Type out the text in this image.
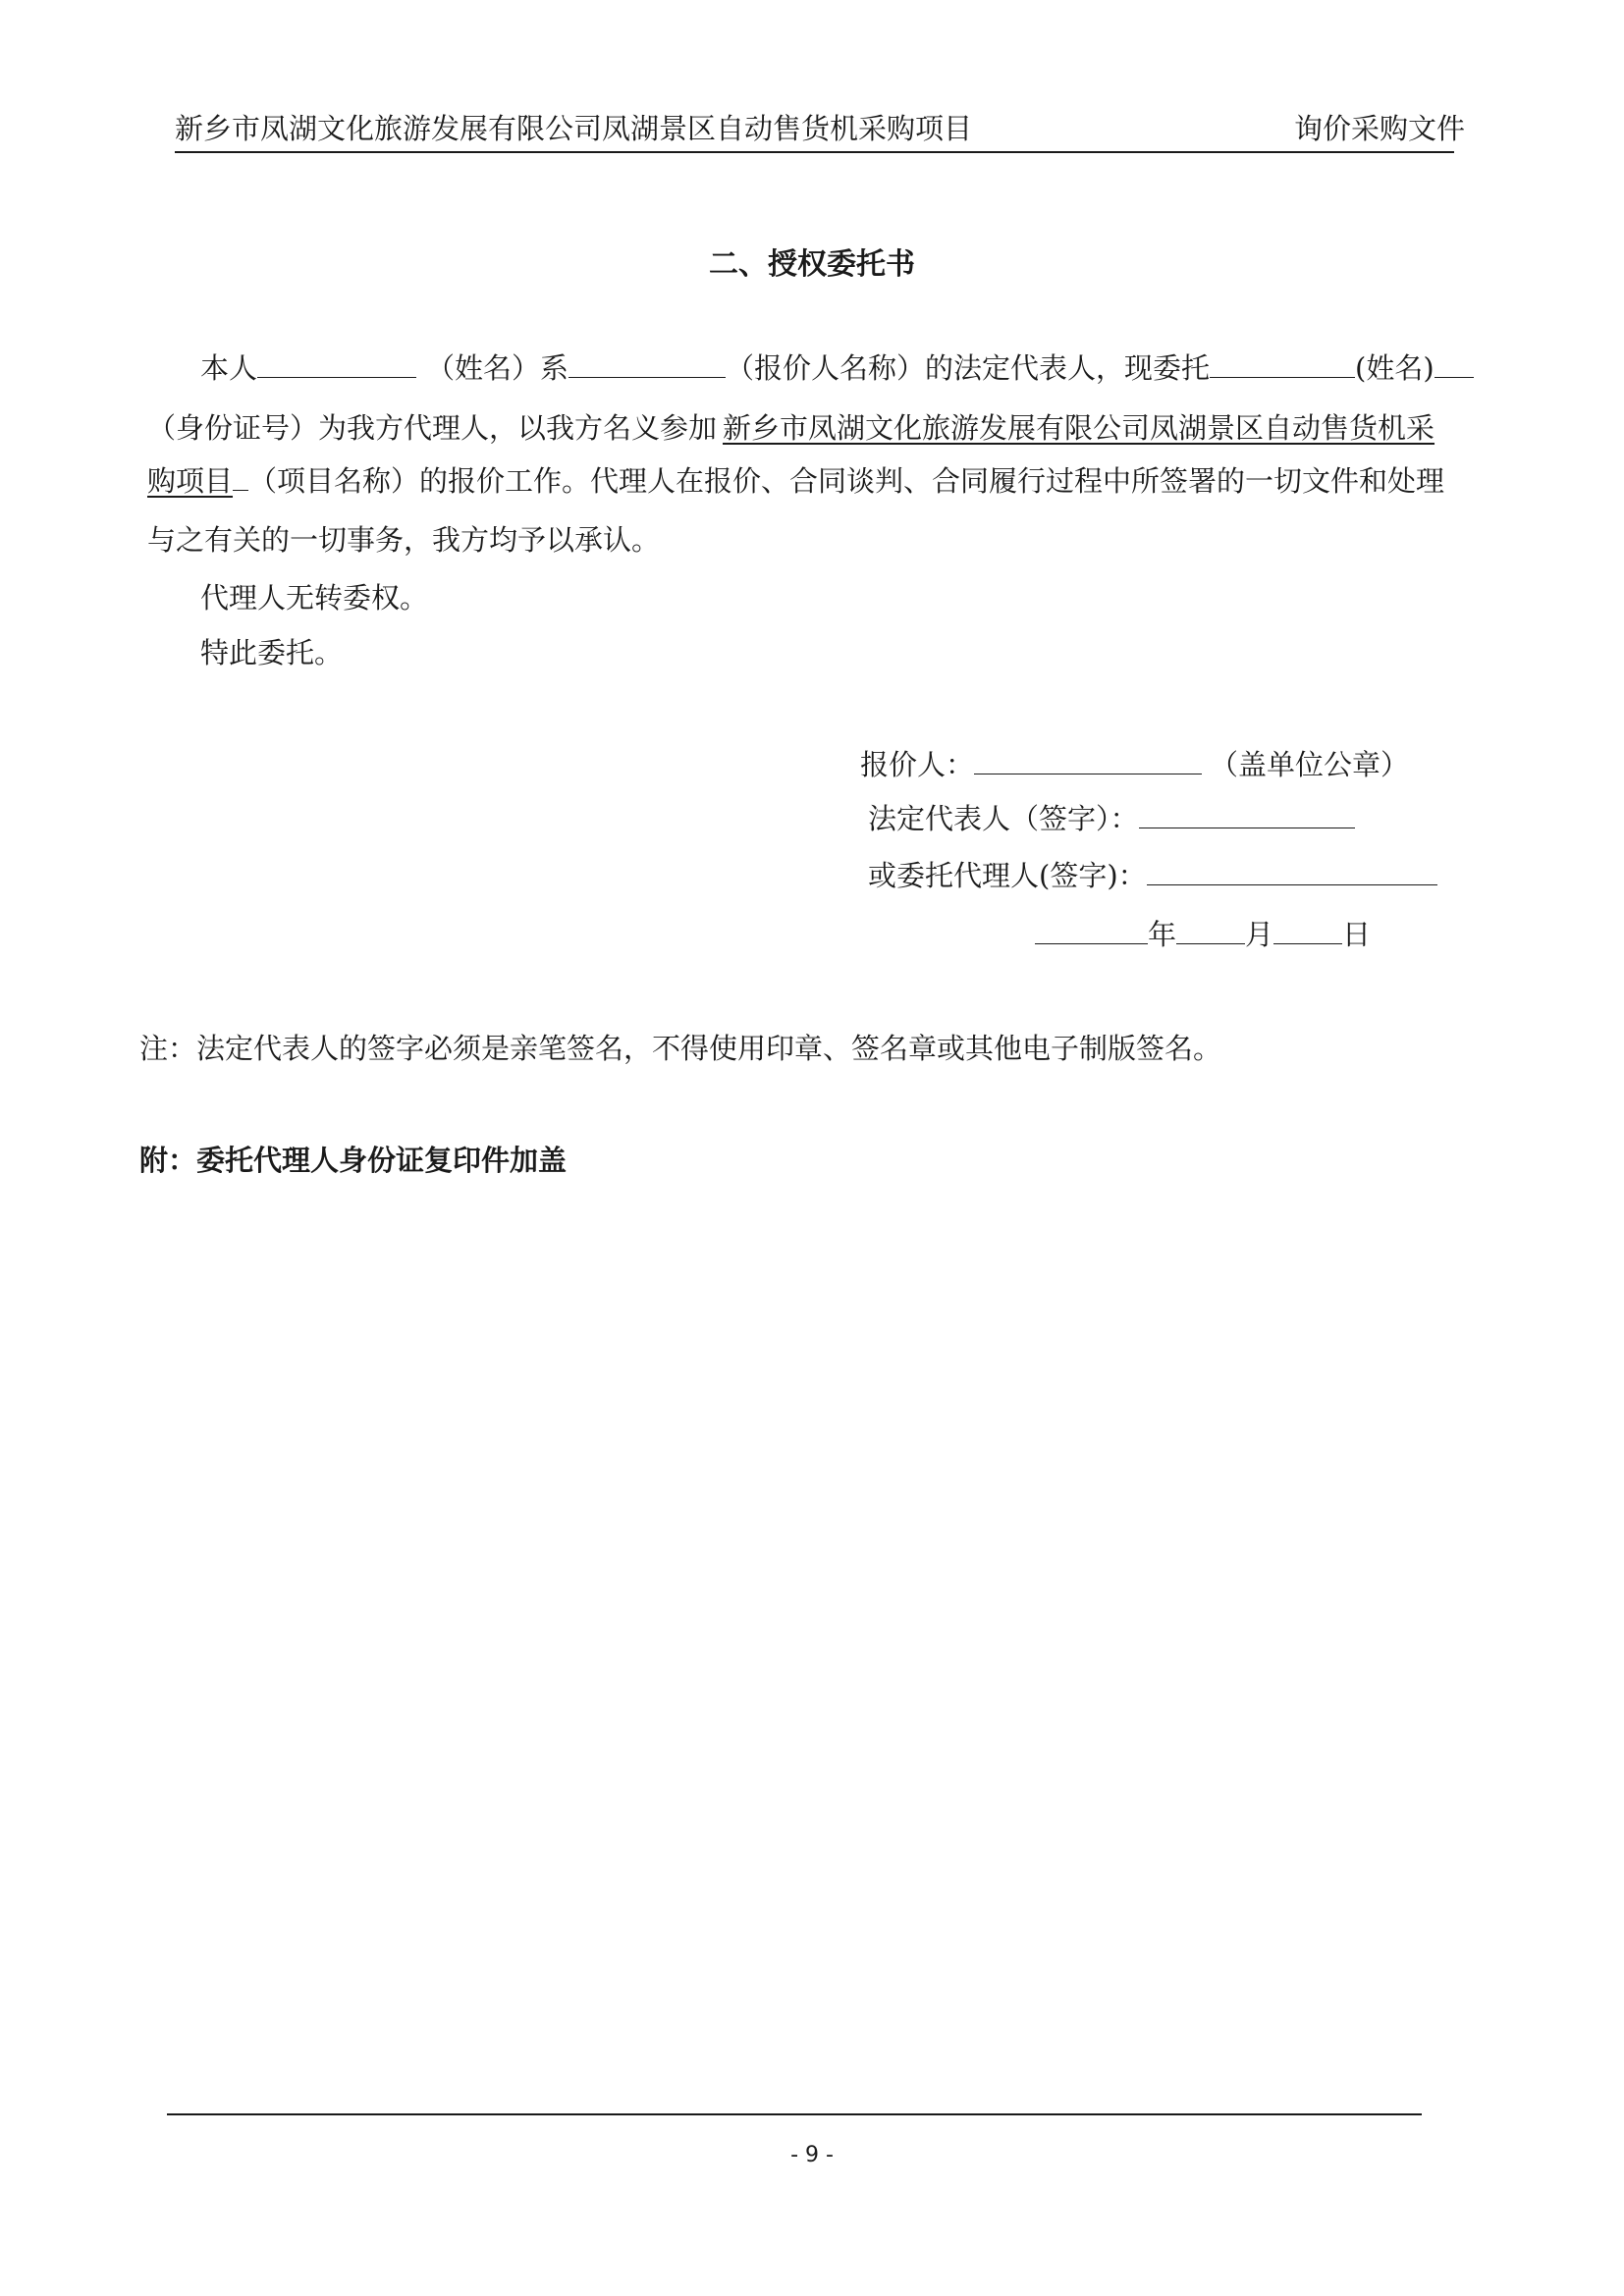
新乡市凤湖文化旅游发展有限公司凤湖景区自动售货机采购项目	询价采购文件
二、授权委托书
本人	（姓名）系	（报价人名称）的法定代表人，现委托	(姓名)
（身份证号）为我方代理人，以我方名义参加 新乡市凤湖文化旅游发展有限公司凤湖景区自动售货机采
购项目 （项目名称）的报价工作。代理人在报价、合同谈判、合同履行过程中所签署的一切文件和处理
与之有关的一切事务，我方均予以承认。
代理人无转委权。
特此委托。
报价人：	（盖单位公章）
法定代表人（签字）：
或委托代理人(签字)：
年 月 日
注：法定代表人的签字必须是亲笔签名，不得使用印章、签名章或其他电子制版签名。
附：委托代理人身份证复印件加盖
- 9 -
